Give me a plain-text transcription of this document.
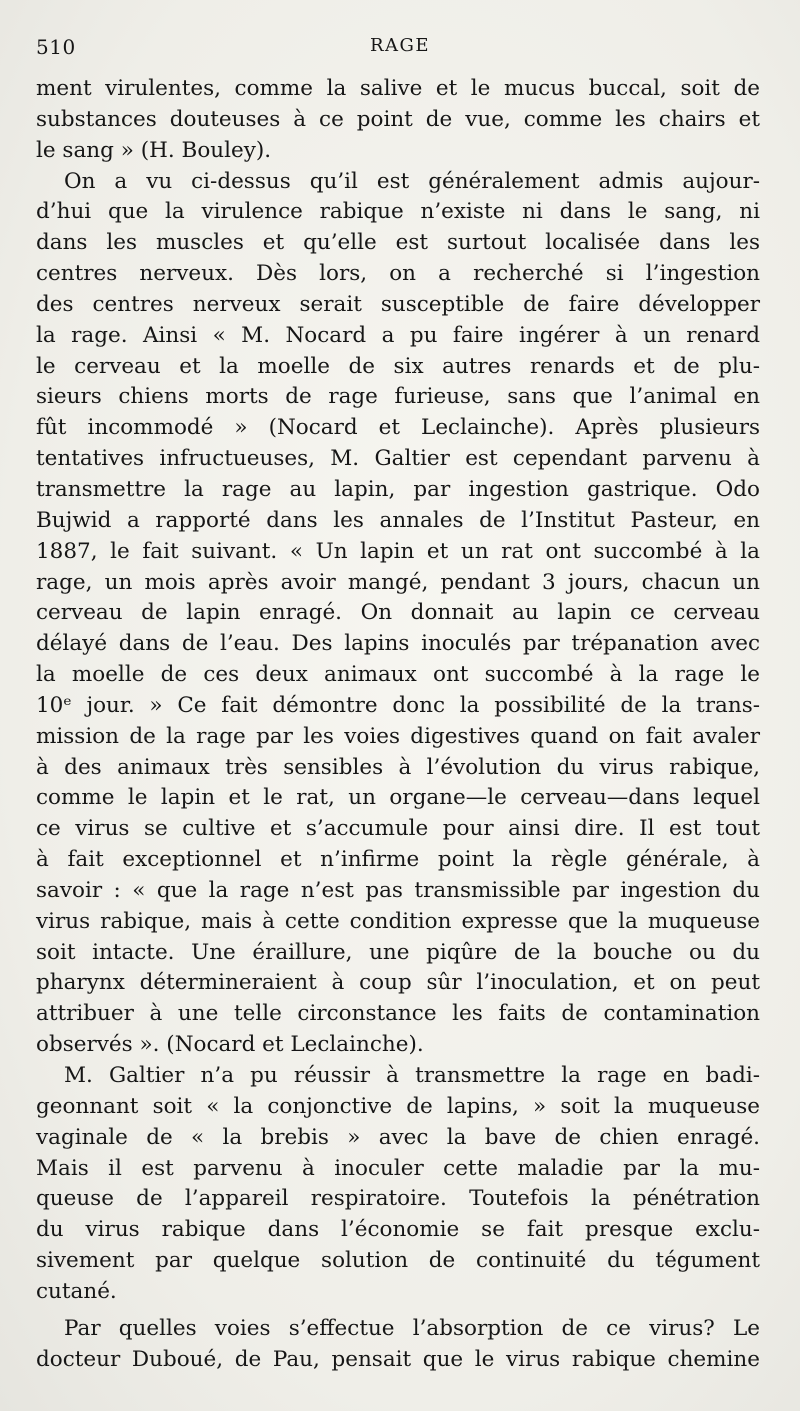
510	RAGE
ment virulentes, comme la salive et le mucus buccal, soit de
substances douteuses à ce point de vue, comme les chairs et
le sang » (H. Bouley).
On a vu ci-dessus qu’il est généralement admis aujour-
d’hui que la virulence rabique n’existe ni dans le sang, ni
dans les muscles et qu’elle est surtout localisée dans les
centres nerveux. Dès lors, on a recherché si l’ingestion
des centres nerveux serait susceptible de faire développer
la rage. Ainsi « M. Nocard a pu faire ingérer à un renard
le cerveau et la moelle de six autres renards et de plu-
sieurs chiens morts de rage furieuse, sans que l’animal en
fût incommodé » (Nocard et Leclainche). Après plusieurs
tentatives infructueuses, M. Galtier est cependant parvenu à
transmettre la rage au lapin, par ingestion gastrique. Odo
Bujwid a rapporté dans les annales de l’Institut Pasteur, en
1887, le fait suivant. « Un lapin et un rat ont succombé à la
rage, un mois après avoir mangé, pendant 3 jours, chacun un
cerveau de lapin enragé. On donnait au lapin ce cerveau
délayé dans de l’eau. Des lapins inoculés par trépanation avec
la moelle de ces deux animaux ont succombé à la rage le
10ᵉ jour. » Ce fait démontre donc la possibilité de la trans-
mission de la rage par les voies digestives quand on fait avaler
à des animaux très sensibles à l’évolution du virus rabique,
comme le lapin et le rat, un organe—le cerveau—dans lequel
ce virus se cultive et s’accumule pour ainsi dire. Il est tout
à fait exceptionnel et n’infirme point la règle générale, à
savoir : « que la rage n’est pas transmissible par ingestion du
virus rabique, mais à cette condition expresse que la muqueuse
soit intacte. Une éraillure, une piqûre de la bouche ou du
pharynx détermineraient à coup sûr l’inoculation, et on peut
attribuer à une telle circonstance les faits de contamination
observés ». (Nocard et Leclainche).
M. Galtier n’a pu réussir à transmettre la rage en badi-
geonnant soit « la conjonctive de lapins, » soit la muqueuse
vaginale de « la brebis » avec la bave de chien enragé.
Mais il est parvenu à inoculer cette maladie par la mu-
queuse de l’appareil respiratoire. Toutefois la pénétration
du virus rabique dans l’économie se fait presque exclu-
sivement par quelque solution de continuité du tégument
cutané.
Par quelles voies s’effectue l’absorption de ce virus? Le
docteur Duboué, de Pau, pensait que le virus rabique chemine
